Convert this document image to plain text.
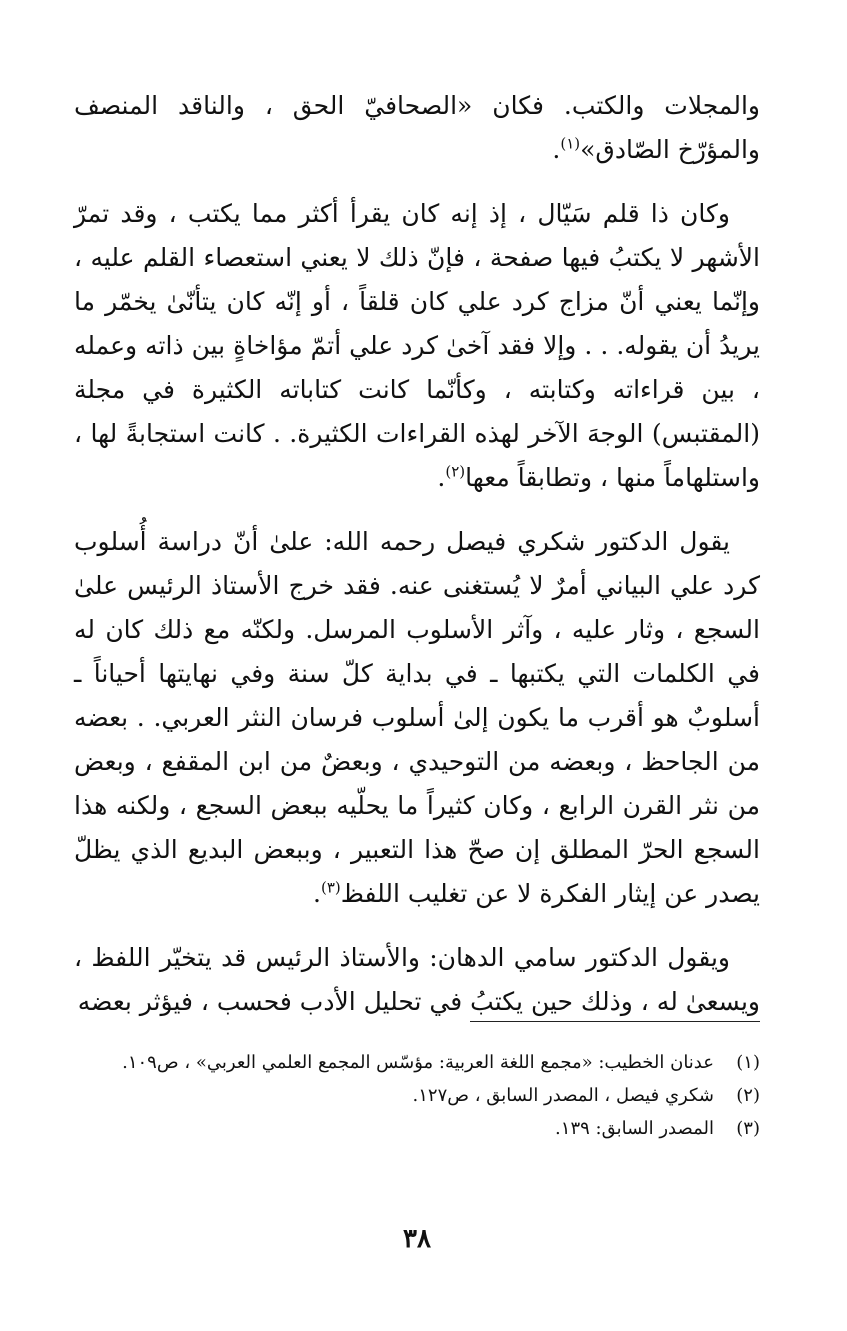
والمجلات والكتب. فكان «الصحافيّ الحق ، والناقد المنصف والمؤرّخ الصّادق»$^{(١)}$.

وكان ذا قلم سَيّال ، إذ إنه كان يقرأ أكثر مما يكتب ، وقد تمرّ الأشهر لا يكتبُ فيها صفحة ، فإنّ ذلك لا يعني استعصاء القلم عليه ، وإنّما يعني أنّ مزاج كرد علي كان قلقاً ، أو إنّه كان يتأنّىٰ يخمّر ما يريدُ أن يقوله. . . وإلا فقد آخىٰ كرد علي أتمّ مؤاخاةٍ بين ذاته وعمله ، بين قراءاته وكتابته ، وكأنّما كانت كتاباته الكثيرة في مجلة (المقتبس) الوجهَ الآخر لهذه القراءات الكثيرة. . كانت استجابةً لها ، واستلهاماً منها ، وتطابقاً معها$^{(٢)}$.

يقول الدكتور شكري فيصل رحمه الله: علىٰ أنّ دراسة أُسلوب كرد علي البياني أمرٌ لا يُستغنى عنه. فقد خرج الأستاذ الرئيس علىٰ السجع ، وثار عليه ، وآثر الأسلوب المرسل. ولكنّه مع ذلك كان له في الكلمات التي يكتبها ـ في بداية كلّ سنة وفي نهايتها أحياناً ـ أسلوبٌ هو أقرب ما يكون إلىٰ أسلوب فرسان النثر العربي. . بعضه من الجاحظ ، وبعضه من التوحيدي ، وبعضٌ من ابن المقفع ، وبعض من نثر القرن الرابع ، وكان كثيراً ما يحلّيه ببعض السجع ، ولكنه هذا السجع الحرّ المطلق إن صحّ هذا التعبير ، وببعض البديع الذي يظلّ يصدر عن إيثار الفكرة لا عن تغليب اللفظ$^{(٣)}$.

ويقول الدكتور سامي الدهان: والأستاذ الرئيس قد يتخيّر اللفظ ، ويسعىٰ له ، وذلك حين يكتبُ في تحليل الأدب فحسب ، فيؤثر بعضه

(١)
عدنان الخطيب: «مجمع اللغة العربية: مؤسّس المجمع العلمي العربي» ، ص١٠٩.
(٢)
شكري فيصل ، المصدر السابق ، ص١٢٧.
(٣)
المصدر السابق: ١٣٩.
٣٨
